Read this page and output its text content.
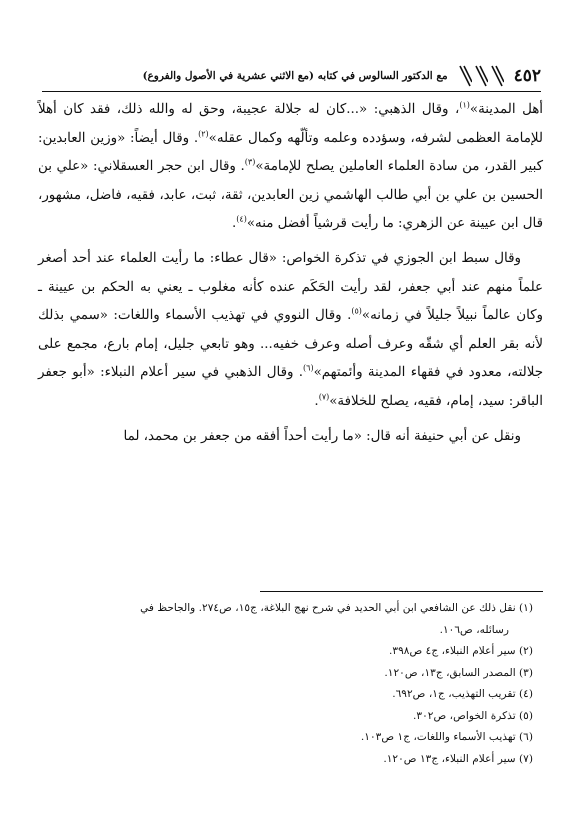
٤٥٢
مع الدكتور السالوس في كتابه (مع الاثني عشرية في الأصول والفروع)

أهل المدينة»$^{(١)}$، وقال الذهبي: «...كان له جلالة عجيبة، وحق له والله ذلك، فقد كان أهلاً للإمامة العظمى لشرفه، وسؤدده وعلمه وتألّهه وكمال عقله»$^{(٢)}$. وقال أيضاً: «وزين العابدين: كبير القدر، من سادة العلماء العاملين يصلح للإمامة»$^{(٣)}$. وقال ابن حجر العسقلاني: «علي بن الحسين بن علي بن أبي طالب الهاشمي زين العابدين، ثقة، ثبت، عابد، فقيه، فاضل، مشهور، قال ابن عيينة عن الزهري: ما رأيت قرشياً أفضل منه»$^{(٤)}$.

وقال سبط ابن الجوزي في تذكرة الخواص: «قال عطاء: ما رأيت العلماء عند أحد أصغر علماً منهم عند أبي جعفر، لقد رأيت الحَكَم عنده كأنه مغلوب ـ يعني به الحكم بن عيينة ـ وكان عالماً نبيلاً جليلاً في زمانه»$^{(٥)}$. وقال النووي في تهذيب الأسماء واللغات: «سمي بذلك لأنه بقر العلم أي شقّه وعرف أصله وعرف خفيه... وهو تابعي جليل، إمام بارع، مجمع على جلالته، معدود في فقهاء المدينة وأئمتهم»$^{(٦)}$. وقال الذهبي في سير أعلام النبلاء: «أبو جعفر الباقر: سيد، إمام، فقيه، يصلح للخلافة»$^{(٧)}$.

ونقل عن أبي حنيفة أنه قال: «ما رأيت أحداً أفقه من جعفر بن محمد، لما

(١) نقل ذلك عن الشافعي ابن أبي الحديد في شرح نهج البلاغة، ج١٥، ص٢٧٤. والجاحظ في

رسائله، ص١٠٦.

(٢) سير أعلام النبلاء، ج٤ ص٣٩٨.

(٣) المصدر السابق، ج١٣، ص١٢٠.

(٤) تقريب التهذيب، ج١، ص٦٩٢.

(٥) تذكرة الخواص، ص٣٠٢.

(٦) تهذيب الأسماء واللغات، ج١ ص١٠٣.

(٧) سير أعلام النبلاء، ج١٣ ص١٢٠.
